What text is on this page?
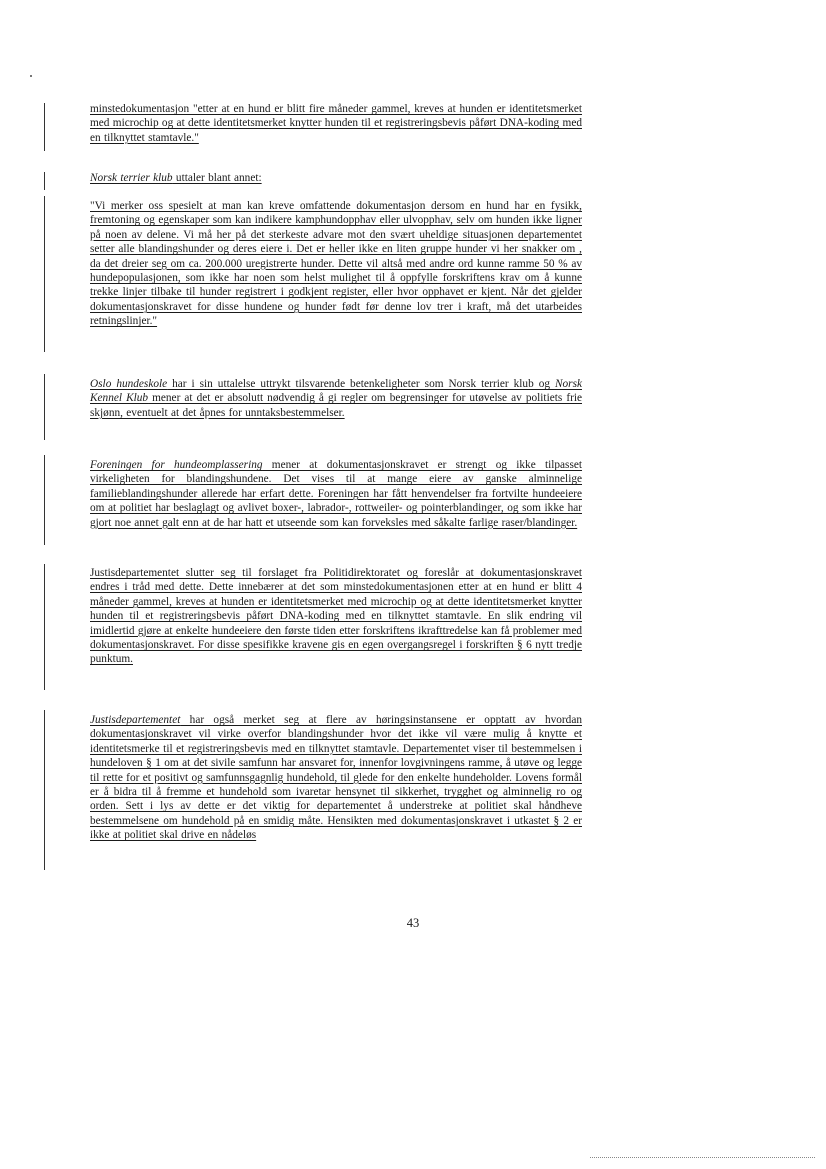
minstedokumentasjon "etter at en hund er blitt fire måneder gammel, kreves at hunden er identitetsmerket med microchip og at dette identitetsmerket knytter hunden til et registreringsbevis påført DNA-koding med en tilknyttet stamtavle."

Norsk terrier klub uttaler blant annet:

"Vi merker oss spesielt at man kan kreve omfattende dokumentasjon dersom en hund har en fysikk, fremtoning og egenskaper som kan indikere kamphundopphav eller ulvopphav, selv om hunden ikke ligner på noen av delene. Vi må her på det sterkeste advare mot den svært uheldige situasjonen departementet setter alle blandingshunder og deres eiere i. Det er heller ikke en liten gruppe hunder vi her snakker om , da det dreier seg om ca. 200.000 uregistrerte hunder. Dette vil altså med andre ord kunne ramme 50 % av hundepopulasjonen, som ikke har noen som helst mulighet til å oppfylle forskriftens krav om å kunne trekke linjer tilbake til hunder registrert i godkjent register, eller hvor opphavet er kjent. Når det gjelder dokumentasjonskravet for disse hundene og hunder født før denne lov trer i kraft, må det utarbeides retningslinjer."

Oslo hundeskole har i sin uttalelse uttrykt tilsvarende betenkeligheter som Norsk terrier klub og Norsk Kennel Klub mener at det er absolutt nødvendig å gi regler om begrensinger for utøvelse av politiets frie skjønn, eventuelt at det åpnes for unntaksbestemmelser.

Foreningen for hundeomplassering mener at dokumentasjonskravet er strengt og ikke tilpasset virkeligheten for blandingshundene. Det vises til at mange eiere av ganske alminnelige familieblandingshunder allerede har erfart dette. Foreningen har fått henvendelser fra fortvilte hundeeiere om at politiet har beslaglagt og avlivet boxer-, labrador-, rottweiler- og pointerblandinger, og som ikke har gjort noe annet galt enn at de har hatt et utseende som kan forveksles med såkalte farlige raser/blandinger.

Justisdepartementet slutter seg til forslaget fra Politidirektoratet og foreslår at dokumentasjonskravet endres i tråd med dette. Dette innebærer at det som minstedokumentasjonen etter at en hund er blitt 4 måneder gammel, kreves at hunden er identitetsmerket med microchip og at dette identitetsmerket knytter hunden til et registreringsbevis påført DNA-koding med en tilknyttet stamtavle. En slik endring vil imidlertid gjøre at enkelte hundeeiere den første tiden etter forskriftens ikrafttredelse kan få problemer med dokumentasjonskravet. For disse spesifikke kravene gis en egen overgangsregel i forskriften § 6 nytt tredje punktum.

Justisdepartementet har også merket seg at flere av høringsinstansene er opptatt av hvordan dokumentasjonskravet vil virke overfor blandingshunder hvor det ikke vil være mulig å knytte et identitetsmerke til et registreringsbevis med en tilknyttet stamtavle. Departementet viser til bestemmelsen i hundeloven § 1 om at det sivile samfunn har ansvaret for, innenfor lovgivningens ramme, å utøve og legge til rette for et positivt og samfunnsgagnlig hundehold, til glede for den enkelte hundeholder. Lovens formål er å bidra til å fremme et hundehold som ivaretar hensynet til sikkerhet, trygghet og alminnelig ro og orden. Sett i lys av dette er det viktig for departementet å understreke at politiet skal håndheve bestemmelsene om hundehold på en smidig måte. Hensikten med dokumentasjonskravet i utkastet § 2 er ikke at politiet skal drive en nådeløs

43
